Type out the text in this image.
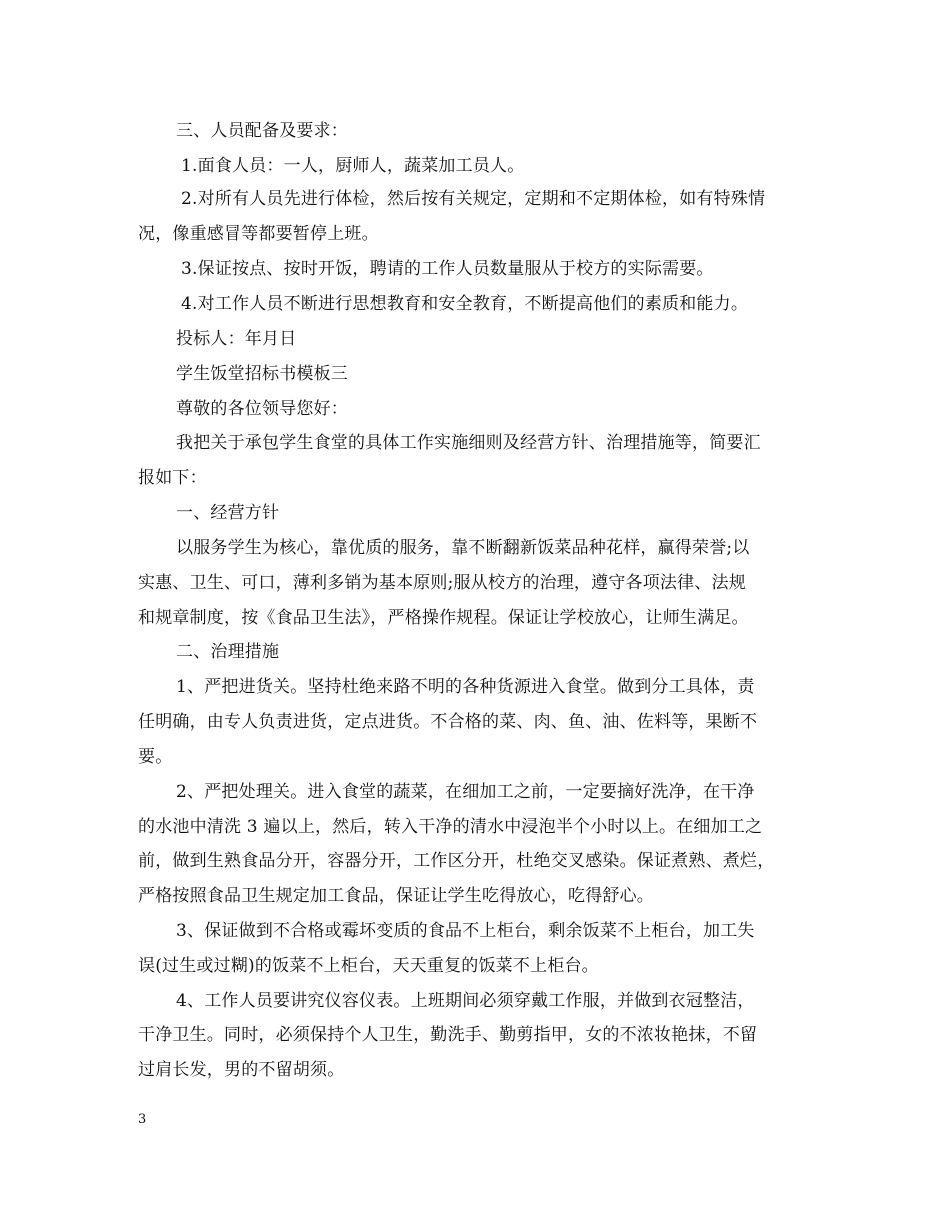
三、人员配备及要求：
1.面食人员：一人，厨师人，蔬菜加工员人。
2.对所有人员先进行体检，然后按有关规定，定期和不定期体检，如有特殊情
况，像重感冒等都要暂停上班。
3.保证按点、按时开饭，聘请的工作人员数量服从于校方的实际需要。
4.对工作人员不断进行思想教育和安全教育，不断提高他们的素质和能力。
投标人：年月日
学生饭堂招标书模板三
尊敬的各位领导您好：
我把关于承包学生食堂的具体工作实施细则及经营方针、治理措施等，简要汇
报如下：
一、经营方针
以服务学生为核心，靠优质的服务，靠不断翻新饭菜品种花样，赢得荣誉;以
实惠、卫生、可口，薄利多销为基本原则;服从校方的治理，遵守各项法律、法规
和规章制度，按《食品卫生法》，严格操作规程。保证让学校放心，让师生满足。
二、治理措施
1、严把进货关。坚持杜绝来路不明的各种货源进入食堂。做到分工具体，责
任明确，由专人负责进货，定点进货。不合格的菜、肉、鱼、油、佐料等，果断不
要。
2、严把处理关。进入食堂的蔬菜，在细加工之前，一定要摘好洗净，在干净
的水池中清洗 3 遍以上，然后，转入干净的清水中浸泡半个小时以上。在细加工之
前，做到生熟食品分开，容器分开，工作区分开，杜绝交叉感染。保证煮熟、煮烂，
严格按照食品卫生规定加工食品，保证让学生吃得放心，吃得舒心。
3、保证做到不合格或霉坏变质的食品不上柜台，剩余饭菜不上柜台，加工失
误(过生或过糊)的饭菜不上柜台，天天重复的饭菜不上柜台。
4、工作人员要讲究仪容仪表。上班期间必须穿戴工作服，并做到衣冠整洁，
干净卫生。同时，必须保持个人卫生，勤洗手、勤剪指甲，女的不浓妆艳抹，不留
过肩长发，男的不留胡须。
3
